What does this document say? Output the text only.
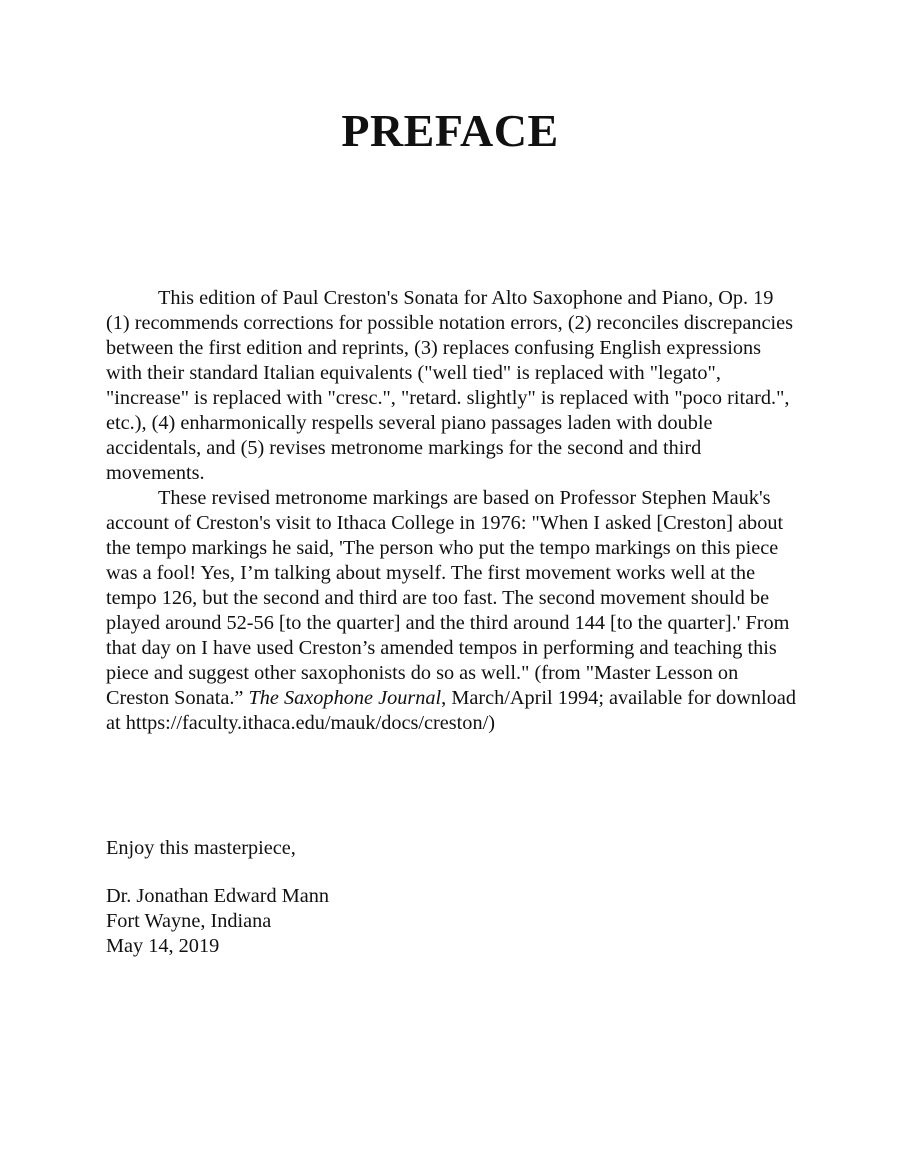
PREFACE

This edition of Paul Creston's Sonata for Alto Saxophone and Piano, Op. 19 (1) recommends corrections for possible notation errors, (2) reconciles discrepancies between the first edition and reprints, (3) replaces confusing English expressions with their standard Italian equivalents ("well tied" is replaced with "legato", "increase" is replaced with "cresc.", "retard. slightly" is replaced with "poco ritard.", etc.), (4) enharmonically respells several piano passages laden with double accidentals, and (5) revises metronome markings for the second and third movements.

These revised metronome markings are based on Professor Stephen Mauk's account of Creston's visit to Ithaca College in 1976: "When I asked [Creston] about the tempo markings he said, 'The person who put the tempo markings on this piece was a fool! Yes, I’m talking about myself. The first movement works well at the tempo 126, but the second and third are too fast. The second movement should be played around 52-56 [to the quarter] and the third around 144 [to the quarter].' From that day on I have used Creston’s amended tempos in performing and teaching this piece and suggest other saxophonists do so as well." (from "Master Lesson on Creston Sonata.” The Saxophone Journal, March/April 1994; available for download at https://faculty.ithaca.edu/mauk/docs/creston/)

Enjoy this masterpiece,

Dr. Jonathan Edward Mann
Fort Wayne, Indiana
May 14, 2019
